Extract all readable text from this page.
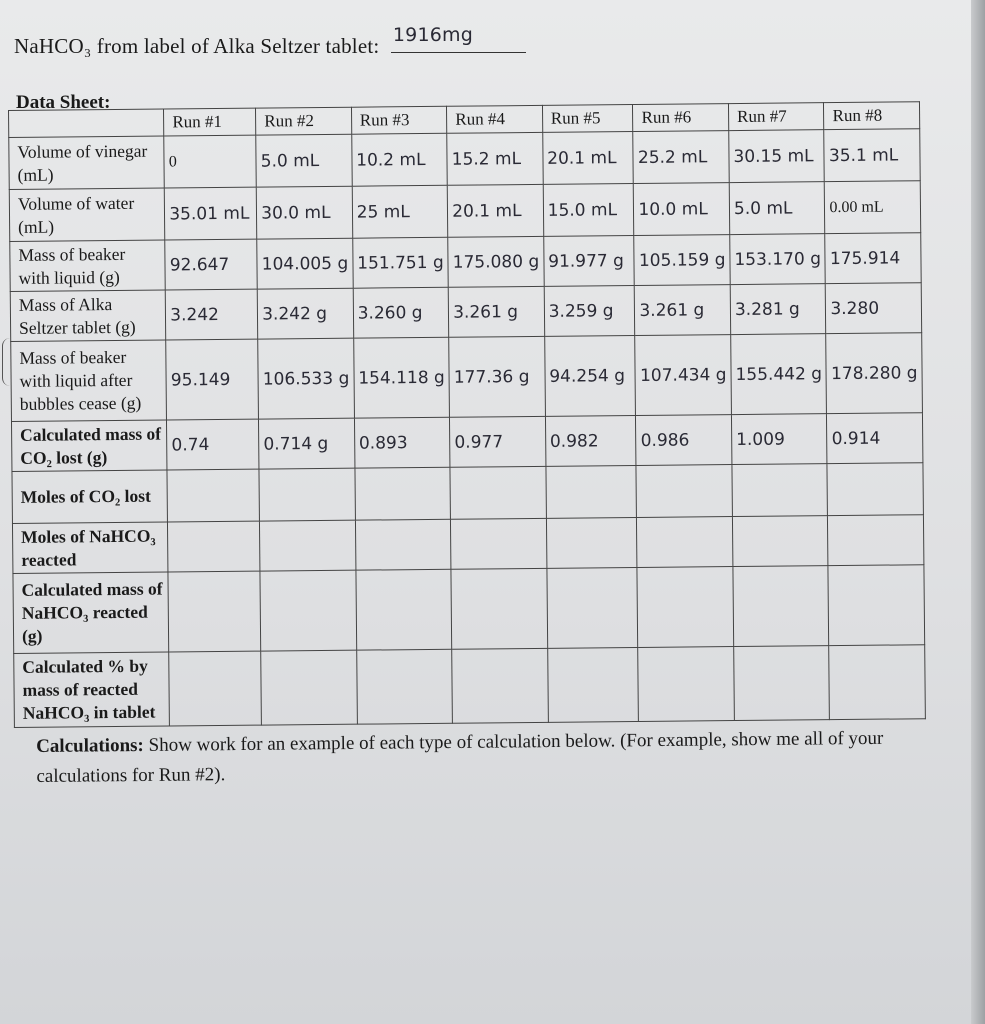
NaHCO₃ from label of Alka Seltzer tablet: 1916mg
Data Sheet:
	Run #1	Run #2	Run #3	Run #4	Run #5	Run #6	Run #7	Run #8
Volume of vinegar (mL)	0	5.0 mL	10.2 mL	15.2 mL	20.1 mL	25.2 mL	30.15 mL	35.1 mL
Volume of water (mL)	35.01 mL	30.0 mL	25 mL	20.1 mL	15.0 mL	10.0 mL	5.0 mL	0.00 mL
Mass of beaker with liquid (g)	92.647	104.005 g	151.751 g	175.080 g	91.977 g	105.159 g	153.170 g	175.914
Mass of Alka Seltzer tablet (g)	3.242	3.242 g	3.260 g	3.261 g	3.259 g	3.261 g	3.281 g	3.280
Mass of beaker with liquid after bubbles cease (g)	95.149	106.533 g	154.118 g	177.36 g	94.254 g	107.434 g	155.442 g	178.280 g
Calculated mass of CO₂ lost (g)	0.74	0.714 g	0.893	0.977	0.982	0.986	1.009	0.914
Moles of CO₂ lost								
Moles of NaHCO₃ reacted								
Calculated mass of NaHCO₃ reacted (g)								
Calculated % by mass of reacted NaHCO₃ in tablet								
Calculations: Show work for an example of each type of calculation below. (For example, show me all of your calculations for Run #2).
